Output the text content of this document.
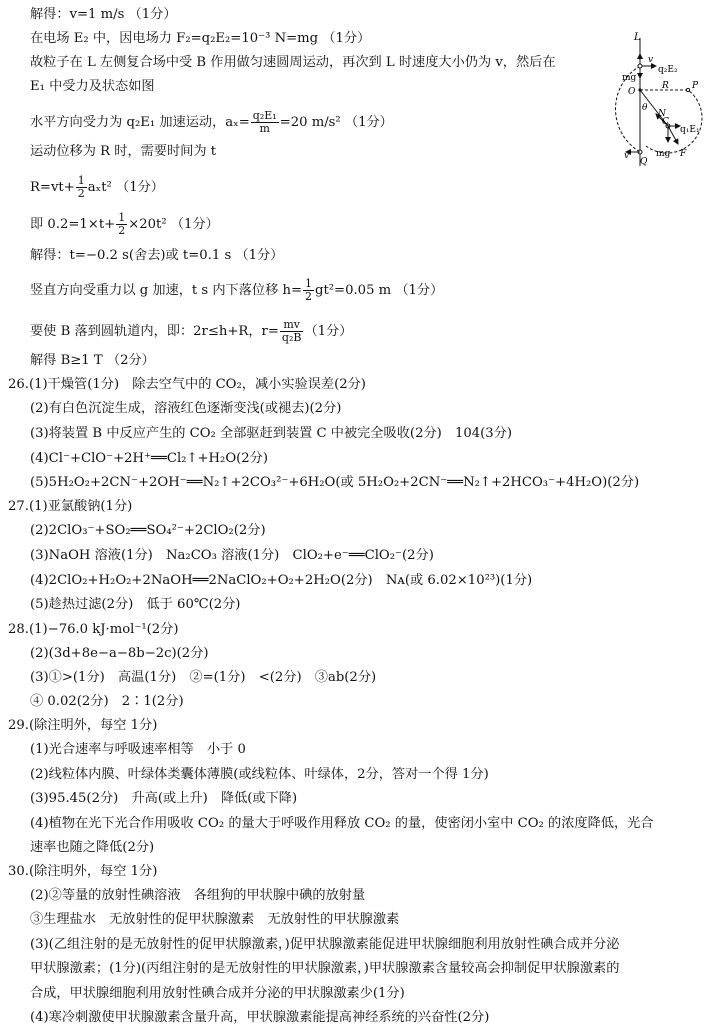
解得：v=1 m/s （1分）
在电场 E₂ 中，因电场力 F₂=q₂E₂=10⁻³ N=mg （1分）
故粒子在 L 左侧复合场中受 B 作用做匀速圆周运动，再次到 L 时速度大小仍为 v，然后在
E₁ 中受力及状态如图
水平方向受力为 q₂E₁ 加速运动，$a_x= \frac{\text{q₂E₁}}{m} =20$ m/s² （1分）
运动位移为 R 时，需要时间为 t
$R=vt+ \frac{1}{2} a_xt^2$ （1分）
即 $0.2=1\times t+ \frac{1}{2} \times 20t^2$ （1分）
解得：t=−0.2 s(舍去)或 t=0.1 s （1分）
竖直方向受重力以 g 加速，t s 内下落位移 $h= \frac{1}{2} gt^2=0.05$ m （1分）
要使 B 落到圆轨道内，即：2r≤h+R，$r= \frac{mv}{\text{q₂B}} (1$分）
解得 B≥1 T （2分）
26.(1)干燥管(1分)　除去空气中的 CO₂，减小实验误差(2分)
(2)有白色沉淀生成，溶液红色逐渐变浅(或褪去)(2分)
(3)将装置 B 中反应产生的 CO₂ 全部驱赶到装置 C 中被完全吸收(2分)　104(3分)
(4)Cl⁻+ClO⁻+2H⁺══Cl₂↑+H₂O(2分)
(5)5H₂O₂+2CN⁻+2OH⁻══N₂↑+2CO₃²⁻+6H₂O(或 5H₂O₂+2CN⁻══N₂↑+2HCO₃⁻+4H₂O)(2分)
27.(1)亚氯酸钠(1分)
(2)2ClO₃⁻+SO₂══SO₄²⁻+2ClO₂(2分)
(3)NaOH 溶液(1分)　Na₂CO₃ 溶液(1分)　ClO₂+e⁻══ClO₂⁻(2分)
(4)2ClO₂+H₂O₂+2NaOH══2NaClO₂+O₂+2H₂O(2分)　Nᴀ(或 6.02×10²³)(1分)
(5)趁热过滤(2分)　低于 60℃(2分)
28.(1)−76.0 kJ·mol⁻¹(2分)
(2)(3d+8e−a−8b−2c)(2分)
(3)①>(1分)　高温(1分)　②=(1分)　<(2分)　③ab(2分)
④ 0.02(2分)　2∶1(2分)
29.(除注明外，每空 1分)
(1)光合速率与呼吸速率相等　小于 0
(2)线粒体内膜、叶绿体类囊体薄膜(或线粒体、叶绿体，2分，答对一个得 1分)
(3)95.45(2分)　升高(或上升)　降低(或下降)
(4)植物在光下光合作用吸收 CO₂ 的量大于呼吸作用释放 CO₂ 的量，使密闭小室中 CO₂ 的浓度降低，光合
速率也随之降低(2分)
30.(除注明外，每空 1分)
(2)②等量的放射性碘溶液　各组狗的甲状腺中碘的放射量
③生理盐水　无放射性的促甲状腺激素　无放射性的甲状腺激素
(3)(乙组注射的是无放射性的促甲状腺激素，)促甲状腺激素能促进甲状腺细胞利用放射性碘合成并分泌
甲状腺激素；(1分)(丙组注射的是无放射性的甲状腺激素，)甲状腺激素含量较高会抑制促甲状腺激素的
合成，甲状腺细胞利用放射性碘合成并分泌的甲状腺激素少(1分)
(4)寒冷刺激使甲状腺激素含量升高，甲状腺激素能提高神经系统的兴奋性(2分)
L
v
q₂E₂
mg
O
R	P
N
θ
C
q₁E₁
v
Q
mg F
